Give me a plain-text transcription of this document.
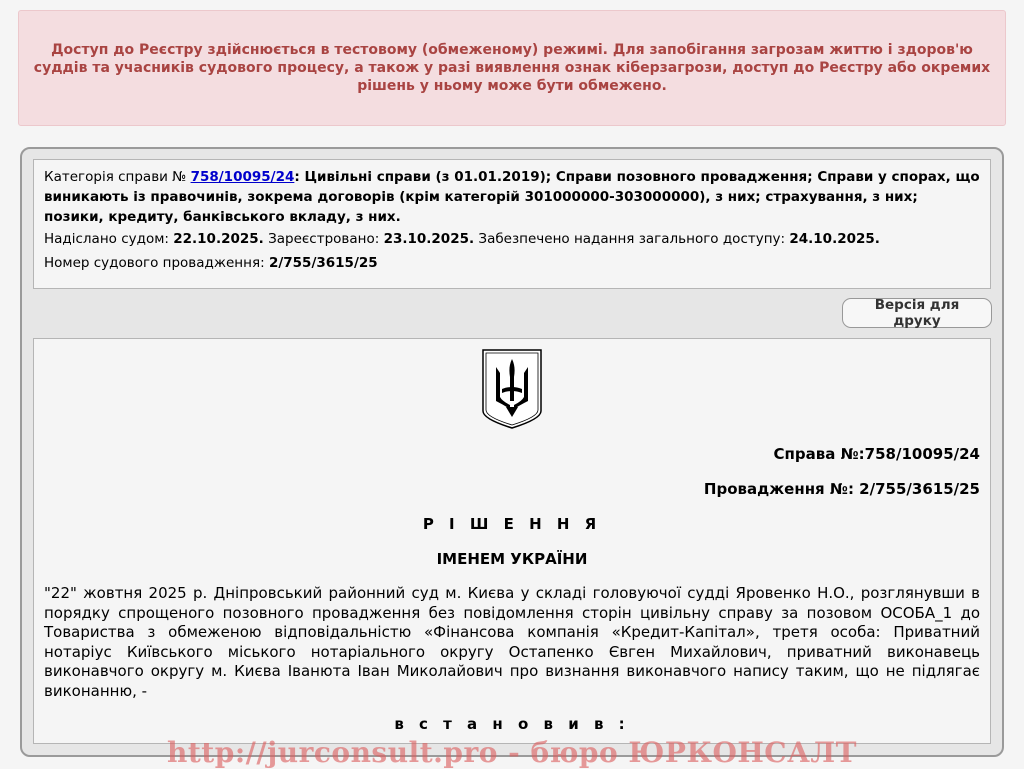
Доступ до Реєстру здійснюється в тестовому (обмеженому) режимі. Для запобігання загрозам життю і здоров'ю суддів та учасників судового процесу, а також у разі виявлення ознак кіберзагрози, доступ до Реєстру або окремих рішень у ньому може бути обмежено.

Категорія справи № 758/10095/24: Цивільні справи (з 01.01.2019); Справи позовного провадження; Справи у спорах, що виникають із правочинів, зокрема договорів (крім категорій 301000000-303000000), з них; страхування, з них; позики, кредиту, банківського вкладу, з них.

Надіслано судом: 22.10.2025. Зареєстровано: 23.10.2025. Забезпечено надання загального доступу: 24.10.2025.

Номер судового провадження: 2/755/3615/25

Версія для друку
Справа №:758/10095/24
Провадження №: 2/755/3615/25
Р І Ш Е Н Н Я
ІМЕНЕМ УКРАЇНИ

"22" жовтня 2025 р. Дніпровський районний суд м. Києва у складі головуючої судді Яровенко Н.О., розглянувши в порядку спрощеного позовного провадження без повідомлення сторін цивільну справу за позовом ОСОБА_1 до Товариства з обмеженою відповідальністю «Фінансова компанія «Кредит-Капітал», третя особа: Приватний нотаріус Київського міського нотаріального округу Остапенко Євген Михайлович, приватний виконавець виконавчого округу м. Києва Іванюта Іван Миколайович про визнання виконавчого напису таким, що не підлягає виконанню, -

в с т а н о в и в :
http://jurconsult.pro - бюро ЮРКОНСАЛТ
